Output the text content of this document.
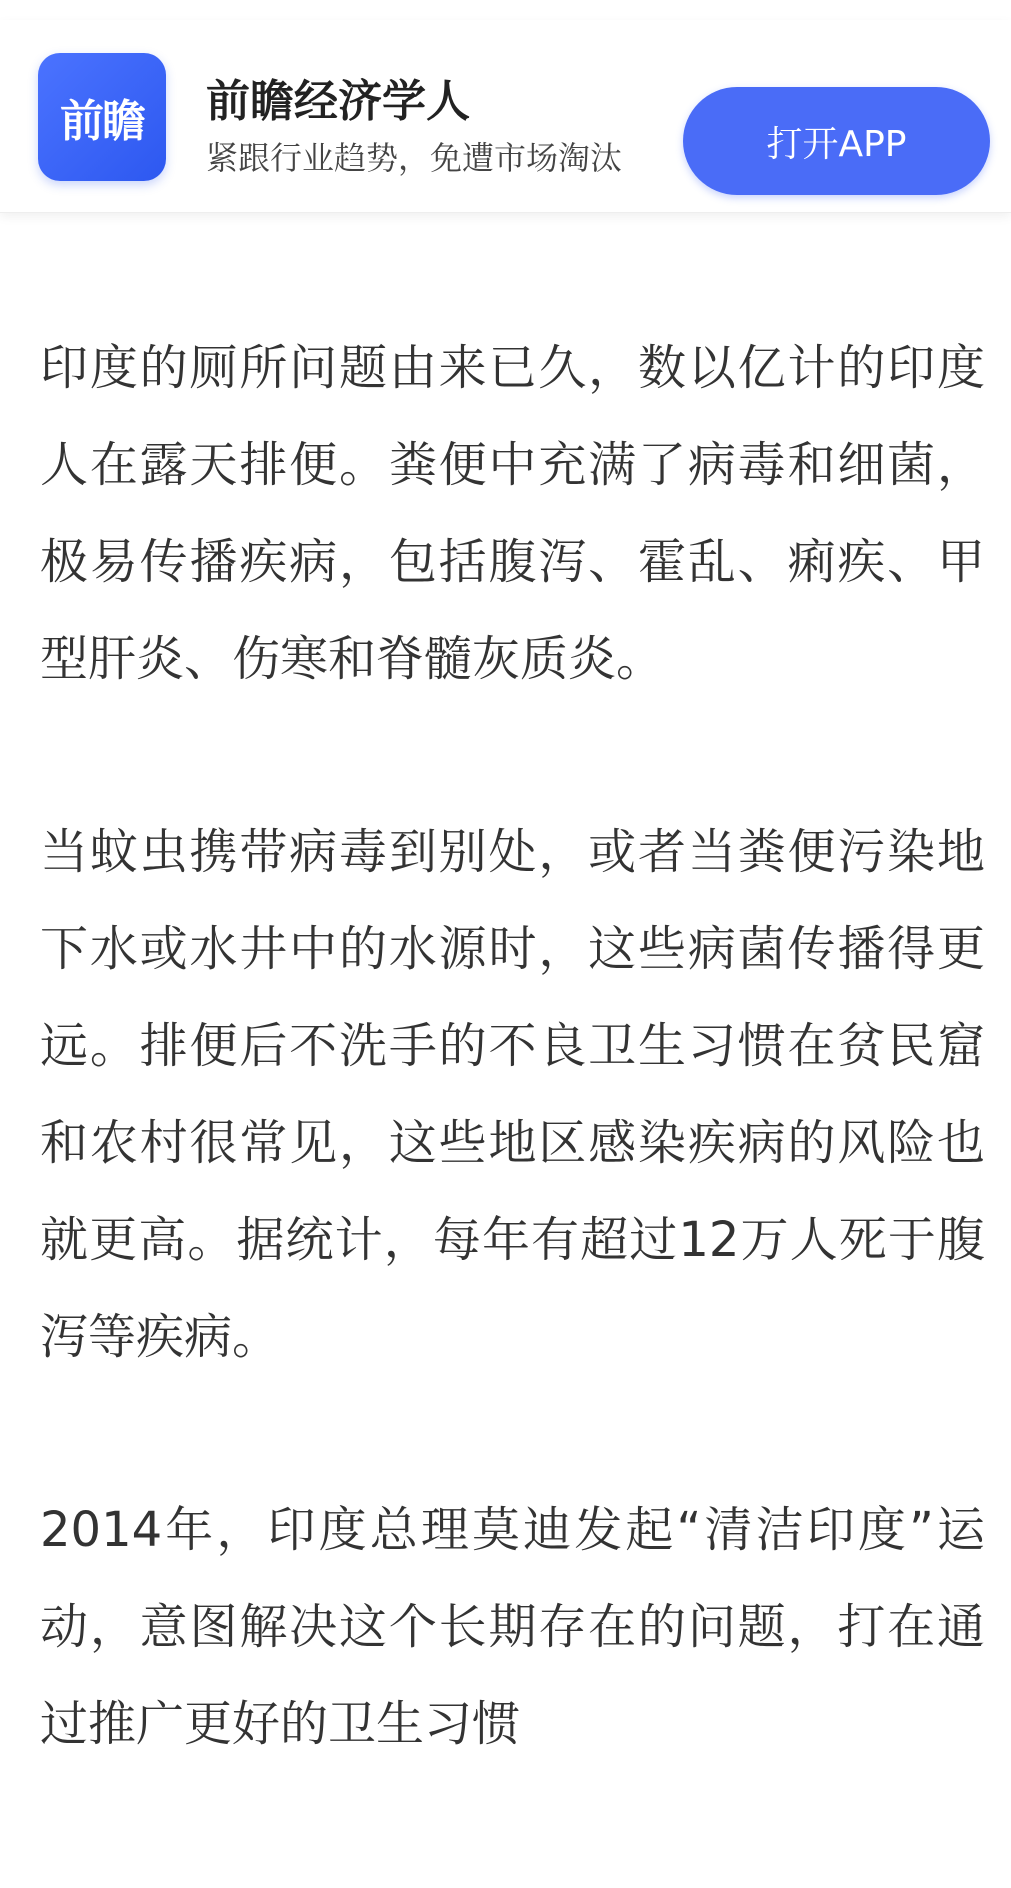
前瞻 前瞻经济学人
紧跟行业趋势，免遭市场淘汰	打开APP

印度的厕所问题由来已久，数以亿计的印度人在露天排便。粪便中充满了病毒和细菌，极易传播疾病，包括腹泻、霍乱、痢疾、甲型肝炎、伤寒和脊髓灰质炎。

当蚊虫携带病毒到别处，或者当粪便污染地下水或水井中的水源时，这些病菌传播得更远。排便后不洗手的不良卫生习惯在贫民窟和农村很常见，这些地区感染疾病的风险也就更高。据统计，每年有超过12万人死于腹泻等疾病。

2014年，印度总理莫迪发起“清洁印度”运动，意图解决这个长期存在的问题，打在通过推广更好的卫生习惯
